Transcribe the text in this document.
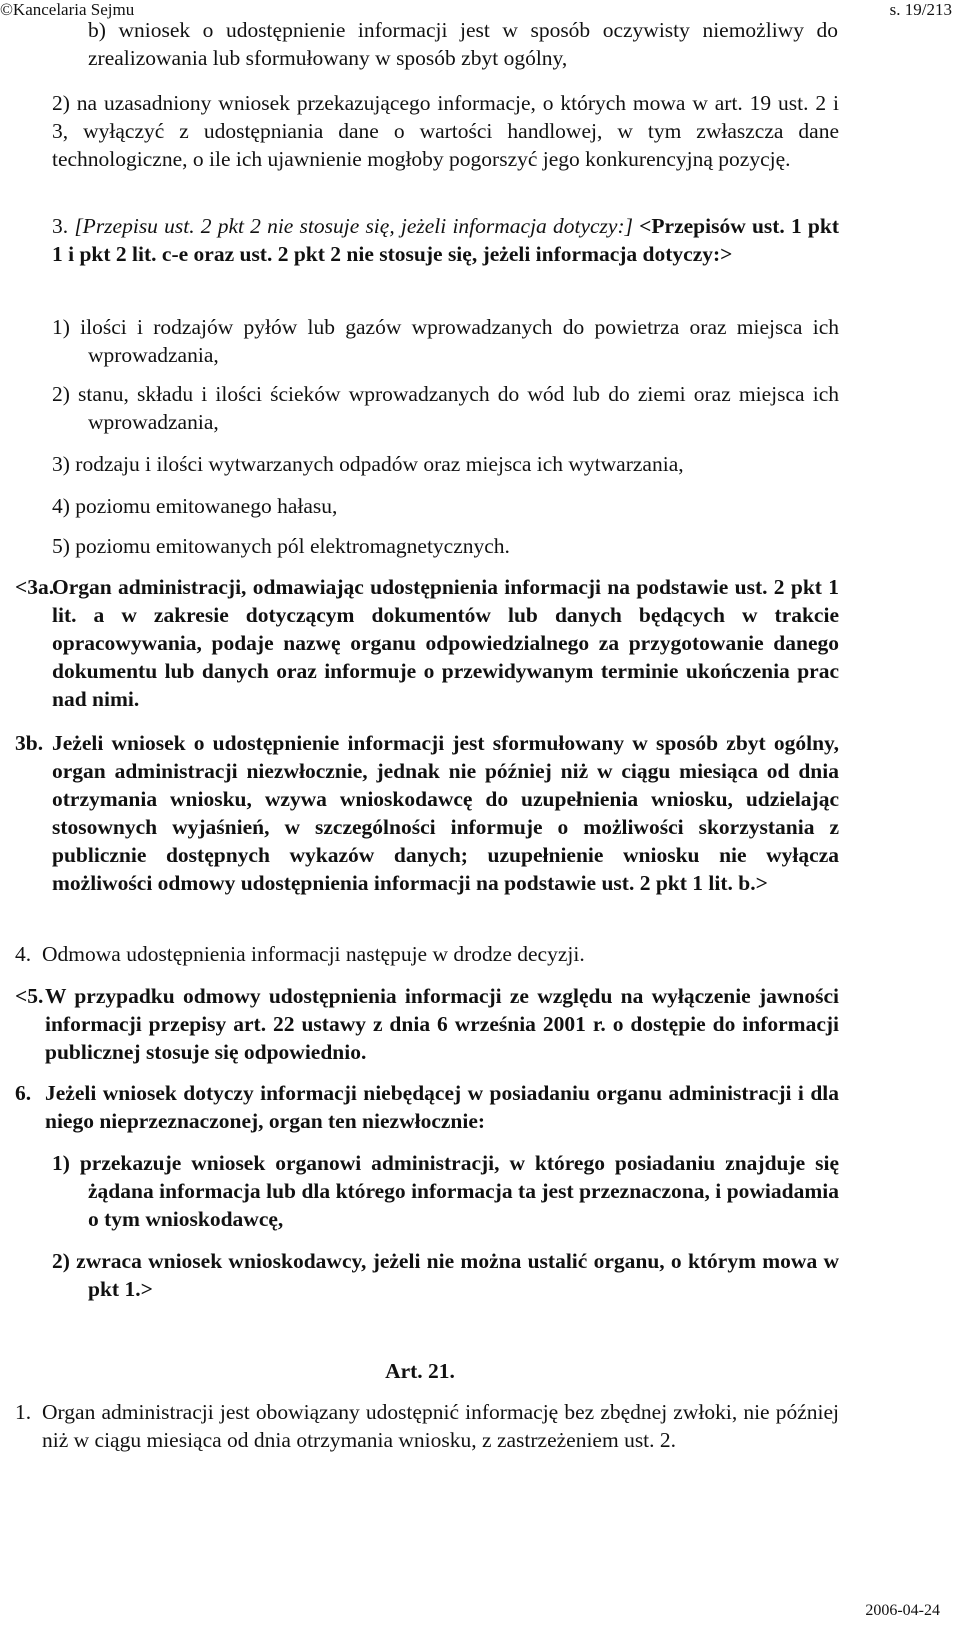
©Kancelaria Sejmu	s. 19/213

b) wniosek o udostępnienie informacji jest w sposób oczywisty niemożliwy do zrealizowania lub sformułowany w sposób zbyt ogólny,

2) na uzasadniony wniosek przekazującego informacje, o których mowa w art. 19 ust. 2 i 3, wyłączyć z udostępniania dane o wartości handlowej, w tym zwłaszcza dane technologiczne, o ile ich ujawnienie mogłoby pogorszyć jego konkurencyjną pozycję.

3. [Przepisu ust. 2 pkt 2 nie stosuje się, jeżeli informacja dotyczy:] <Przepisów ust. 1 pkt 1 i pkt 2 lit. c-e oraz ust. 2 pkt 2 nie stosuje się, jeżeli informacja dotyczy:>

1) ilości i rodzajów pyłów lub gazów wprowadzanych do powietrza oraz miejsca ich wprowadzania,

2) stanu, składu i ilości ścieków wprowadzanych do wód lub do ziemi oraz miejsca ich wprowadzania,

3) rodzaju i ilości wytwarzanych odpadów oraz miejsca ich wytwarzania,

4) poziomu emitowanego hałasu,

5) poziomu emitowanych pól elektromagnetycznych.

<3a.
Organ administracji, odmawiając udostępnienia informacji na podstawie ust. 2 pkt 1 lit. a w zakresie dotyczącym dokumentów lub danych będących w trakcie opracowywania, podaje nazwę organu odpowiedzialnego za przygotowanie danego dokumentu lub danych oraz informuje o przewidywanym terminie ukończenia prac nad nimi.
3b. Jeżeli wniosek o udostępnienie informacji jest sformułowany w sposób zbyt ogólny, organ administracji niezwłocznie, jednak nie później niż w ciągu miesiąca od dnia otrzymania wniosku, wzywa wnioskodawcę do uzupełnienia wniosku, udzielając stosownych wyjaśnień, w szczególności informuje o możliwości skorzystania z publicznie dostępnych wykazów danych; uzupełnienie wniosku nie wyłącza możliwości odmowy udostępnienia informacji na podstawie ust. 2 pkt 1 lit. b.>
4. Odmowa udostępnienia informacji następuje w drodze decyzji.
<5. W przypadku odmowy udostępnienia informacji ze względu na wyłączenie jawności informacji przepisy art. 22 ustawy z dnia 6 września 2001 r. o dostępie do informacji publicznej stosuje się odpowiednio.
6. Jeżeli wniosek dotyczy informacji niebędącej w posiadaniu organu administracji i dla niego nieprzeznaczonej, organ ten niezwłocznie:

1) przekazuje wniosek organowi administracji, w którego posiadaniu znajduje się żądana informacja lub dla którego informacja ta jest przeznaczona, i powiadamia o tym wnioskodawcę,

2) zwraca wniosek wnioskodawcy, jeżeli nie można ustalić organu, o którym mowa w pkt 1.>

Art. 21.

1. Organ administracji jest obowiązany udostępnić informację bez zbędnej zwłoki, nie później niż w ciągu miesiąca od dnia otrzymania wniosku, z zastrzeżeniem ust. 2.
2006-04-24
